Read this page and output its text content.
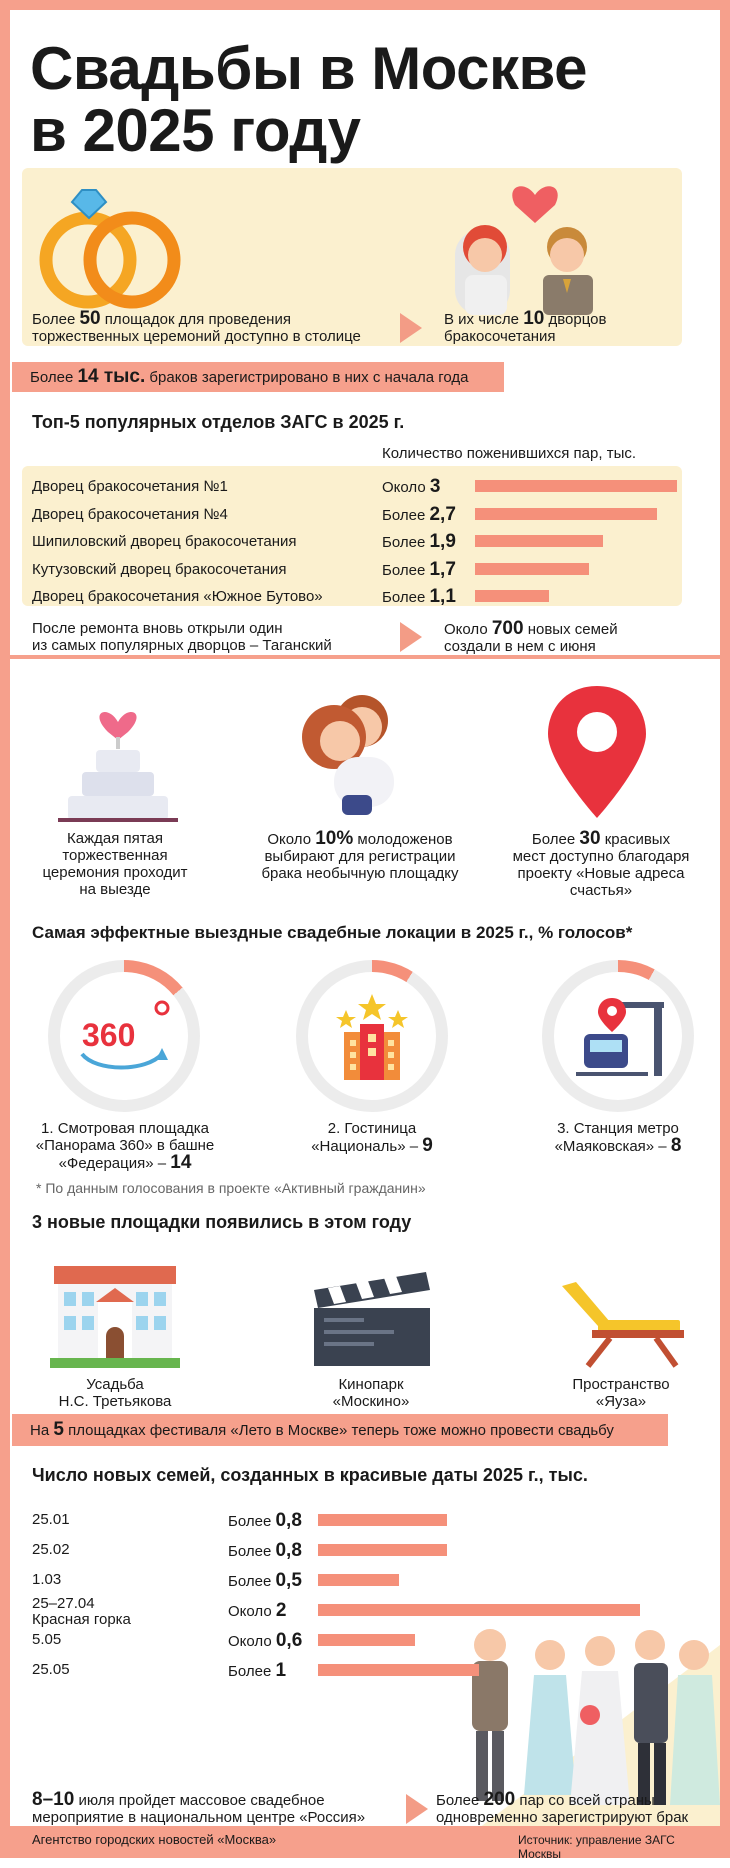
Свадьбы в Москве
в 2025 году
Более 50 площадок для проведения
торжественных церемоний доступно в столице
В их числе 10 дворцов
бракосочетания
Более 14 тыс. браков зарегистрировано в них с начала года
Топ-5 популярных отделов ЗАГС в 2025 г.
Количество поженившихся пар, тыс.
Дворец бракосочетания №1	Около 3
Дворец бракосочетания №4	Более 2,7
Шипиловский дворец бракосочетания	Более 1,9
Кутузовский дворец бракосочетания	Более 1,7
Дворец бракосочетания «Южное Бутово»	Более 1,1
После ремонта вновь открыли один
из самых популярных дворцов – Таганский
Около 700 новых семей
создали в нем с июня
Каждая пятая
торжественная
церемония проходит
на выезде
Около 10% молодоженов
выбирают для регистрации
брака необычную площадку
Более 30 красивых
мест доступно благодаря
проекту «Новые адреса
счастья»
Самая эффектные выездные свадебные локации в 2025 г., % голосов*
360
1. Смотровая площадка
«Панорама 360» в башне
«Федерация» – 14
2. Гостиница
«Националь» – 9
3. Станция метро
«Маяковская» – 8
* По данным голосования в проекте «Активный гражданин»
3 новые площадки появились в этом году
Усадьба
Н.С. Третьякова
Кинопарк
«Москино»
Пространство
«Яуза»
На 5 площадках фестиваля «Лето в Москве» теперь тоже можно провести свадьбу
Число новых семей, созданных в красивые даты 2025 г., тыс.
25.01	Более 0,8
25.02	Более 0,8
1.03	Более 0,5
25–27.04
Красная горка	Около 2
5.05	Около 0,6
25.05	Более 1
8–10 июля пройдет массовое свадебное
мероприятие в национальном центре «Россия»
Более 200 пар со всей страны
одновременно зарегистрируют брак
Агентство городских новостей «Москва»	Источник: управление ЗАГС Москвы
